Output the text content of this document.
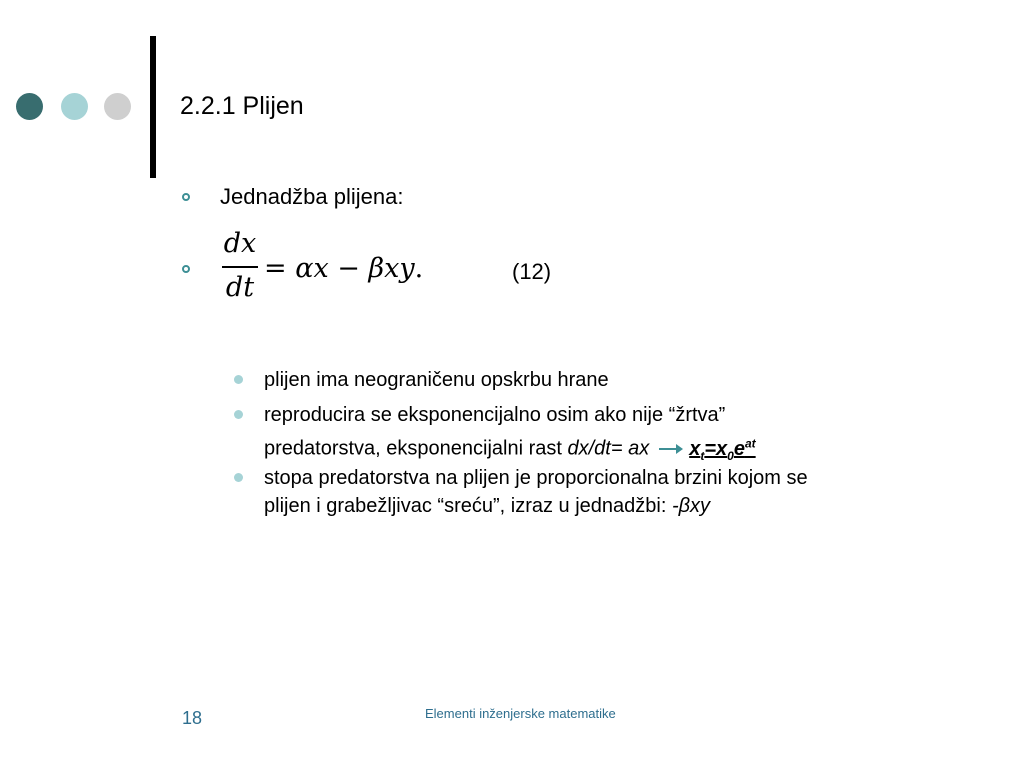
2.2.1 Plijen
Jednadžba plijena:
dx
dt
= αx − βxy.	(12)
plijen ima neograničenu opskrbu hrane
reproducira se eksponencijalno osim ako nije “žrtva”
predatorstva, eksponencijalni rast dx/dt= ax $x_t=x_0e^{at}$
stopa predatorstva na plijen je proporcionalna brzini kojom se
plijen i grabežljivac “sreću”, izraz u jednadžbi: -βxy
18	Elementi inženjerske matematike
